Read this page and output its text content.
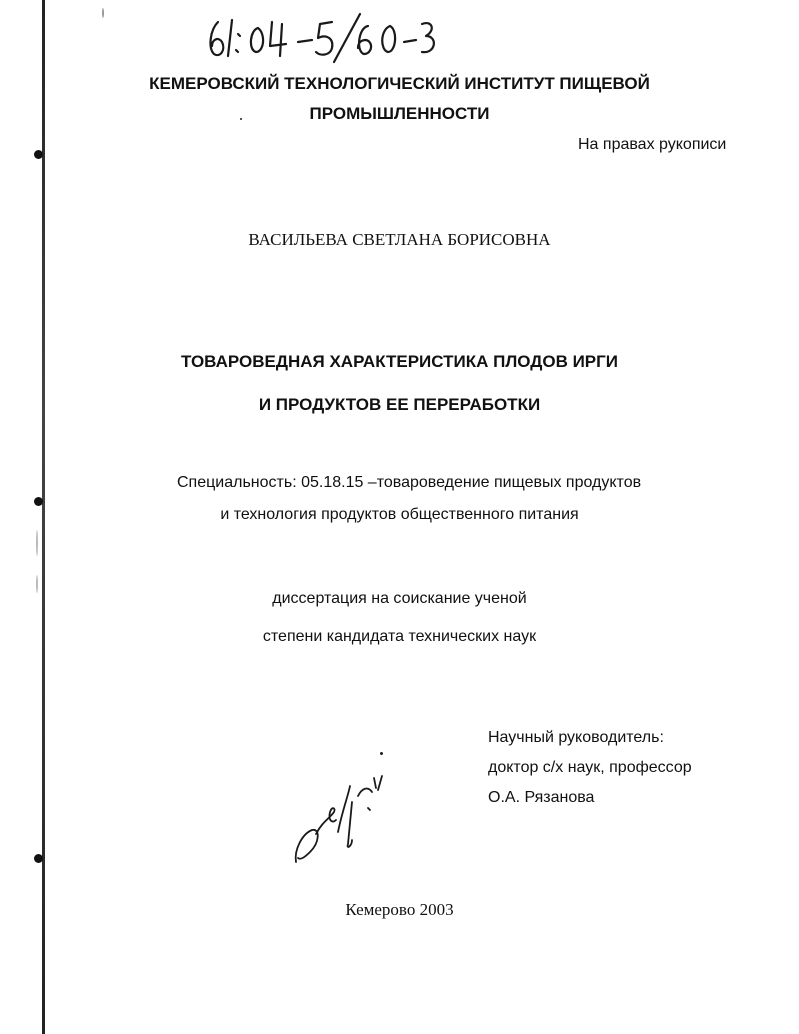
КЕМЕРОВСКИЙ ТЕХНОЛОГИЧЕСКИЙ ИНСТИТУТ ПИЩЕВОЙ
ПРОМЫШЛЕННОСТИ
На правах рукописи
ВАСИЛЬЕВА СВЕТЛАНА БОРИСОВНА
ТОВАРОВЕДНАЯ ХАРАКТЕРИСТИКА ПЛОДОВ ИРГИ
И ПРОДУКТОВ ЕЕ ПЕРЕРАБОТКИ
Специальность: 05.18.15 –товароведение пищевых продуктов
и технология продуктов общественного питания
диссертация на соискание ученой
степени кандидата технических наук
Научный руководитель:
доктор с/х наук, профессор
О.А. Рязанова
Кемерово 2003
